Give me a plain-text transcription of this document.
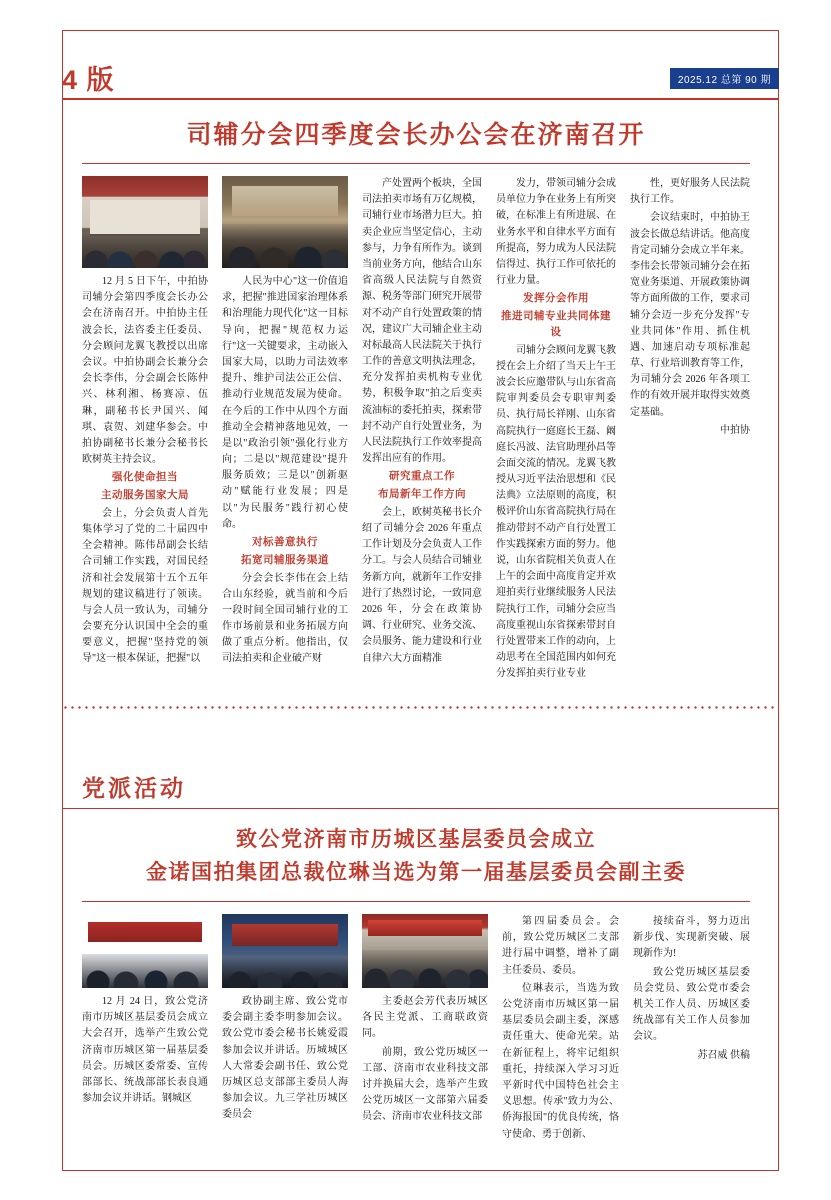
4 版	2025.12 总第 90 期
司辅分会四季度会长办公会在济南召开

12 月 5 日下午，中拍协司辅分会第四季度会长办公会在济南召开。中拍协主任波会长，法咨委主任委员、分会顾问龙翼飞教授以出席会议。中拍协副会长兼分会会长李伟，分会副会长陈仲兴、林利湘、杨赛凉、伍琳，副秘书长尹国兴、闻琪、袁贺、刘建华参会。中拍协副秘书长兼分会秘书长欧树英主持会议。

强化使命担当

主动服务国家大局

会上，分会负责人首先集体学习了党的二十届四中全会精神。陈伟昂副会长结合司辅工作实践，对国民经济和社会发展第十五个五年规划的建议稿进行了领读。与会人员一致认为，司辅分会要充分认识国中全会的重要意义，把握"坚持党的领导"这一根本保证，把握"以

人民为中心"这一价值追求，把握"推进国家治理体系和治理能力现代化"这一目标导向，把握"规范权力运行"这一关键要求，主动嵌入国家大局，以助力司法效率提升、维护司法公正公信、推动行业规范发展为使命。在今后的工作中从四个方面推动全会精神落地见效，一是以"政治引领"强化行业方向；二是以"规范建设"提升服务质效；三是以"创新驱动"赋能行业发展；四是以"为民服务"践行初心使命。

对标善意执行

拓宽司辅服务渠道

分会会长李伟在会上结合山东经验，就当前和今后一段时间全国司辅行业的工作市场前景和业务拓展方向做了重点分析。他指出，仅司法拍卖和企业破产财

产处置两个板块，全国司法拍卖市场有万亿规模，司辅行业市场潜力巨大。拍卖企业应当坚定信心，主动参与，力争有所作为。谈到当前业务方向，他结合山东省高级人民法院与自然资源、税务等部门研究开展带对不动产自行处置政策的情况，建议广大司辅企业主动对标最高人民法院关于执行工作的善意文明执法理念，充分发挥拍卖机构专业优势，积极争取"拍之后变卖流油标的委托拍卖，探索带封不动产自行处置业务，为人民法院执行工作效率提高发挥出应有的作用。

研究重点工作

布局新年工作方向

会上，欧树英秘书长介绍了司辅分会 2026 年重点工作计划及分会负责人工作分工。与会人员结合司辅业务新方向，就新年工作安排进行了热烈讨论，一致同意 2026 年，分会在政策协调、行业研究、业务交流、会员服务、能力建设和行业自律六大方面精准

发力，带领司辅分会成员单位力争在业务上有所突破，在标准上有所进展、在业务水平和自律水平方面有所提高，努力成为人民法院信得过、执行工作可依托的行业力量。

发挥分会作用

推进司辅专业共同体建设

司辅分会顾问龙翼飞教授在会上介绍了当天上午王波会长应邀带队与山东省高院审判委员会专职审判委员、执行局长祥刚、山东省高院执行一庭庭长王磊、阚庭长冯波、法官助理孙昌等会面交流的情况。龙翼飞教授从习近平法治思想和《民法典》立法原则的高度，积极评价山东省高院执行局在推动带封不动产自行处置工作实践探索方面的努力。他说，山东省院相关负责人在上午的会面中高度肯定并欢迎拍卖行业继续服务人民法院执行工作，司辅分会应当高度重视山东省探索带封自行处置带来工作的动向，上动思考在全国范围内如何充分发挥拍卖行业专业

性，更好服务人民法院执行工作。

会议结束时，中拍协王波会长做总结讲话。他高度肯定司辅分会成立半年来。李伟会长带领司辅分会在拓宽业务渠道、开展政策协调等方面所做的工作，要求司辅分会迈一步充分发挥"专业共同体"作用、抓住机遇、加速启动专项标准起草、行业培训教育等工作，为司辅分会 2026 年各项工作的有效开展并取得实效奠定基础。

中拍协

党派活动
致公党济南市历城区基层委员会成立
金诺国拍集团总裁位琳当选为第一届基层委员会副主委

12 月 24 日，致公党济南市历城区基层委员会成立大会召开，选举产生致公党济南市历城区第一届基层委员会。历城区委常委、宣传部部长、统战部部长表良通参加会议并讲话。钢城区

政协副主席、致公党市委会副主委李明参加会议。致公党市委会秘书长姚爱霞参加会议并讲话。历城城区人大常委会副书任、致公党历城区总支部部主委员人海参加会议。九三学社历城区委员会

主委赵会芳代表历城区各民主党派、工商联政资同。

前期，致公党历城区一工部、济南市农业科技文部讨并换届大会，选举产生致公党历城区一文部第六届委员会、济南市农业科技文部

第四届委员会。会前，致公党历城区二支部进行届中调整，增补了副主任委员、委员。

位琳表示，当选为致公党济南市历城区第一届基层委员会副主委，深感责任重大、使命光荣。站在新征程上，将牢记组织重托，持续深入学习习近平新时代中国特色社会主义思想。传承"致力为公、侨海报国"的优良传统，恪守使命、勇于创新、

接续奋斗，努力迈出新步伐、实现新突破、展现新作为!

致公党历城区基层委员会党员、致公党市委会机关工作人员、历城区委统战部有关工作人员参加会议。

苏召威 供稿
